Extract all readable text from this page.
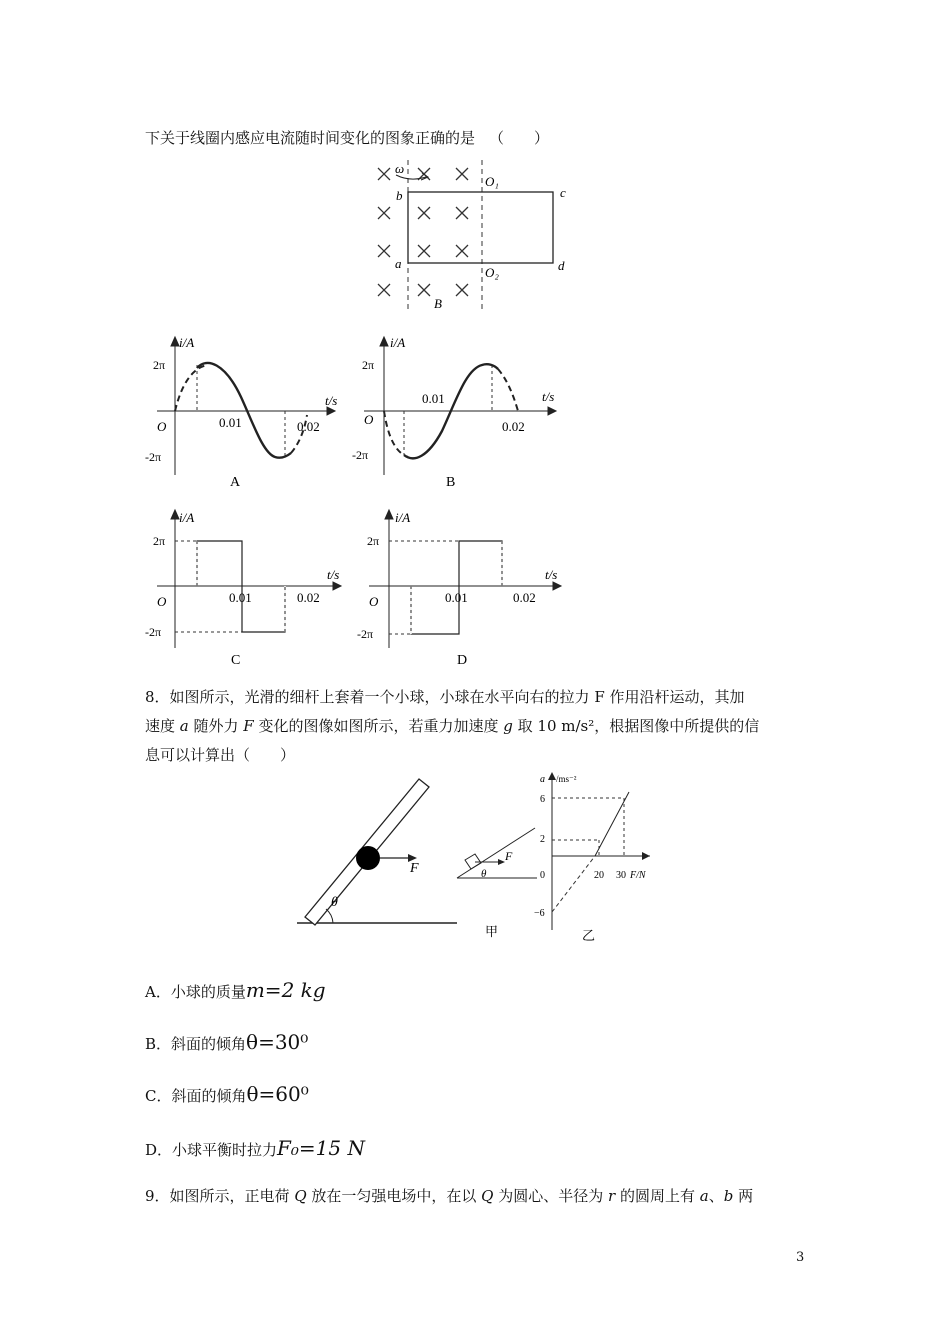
下关于线圈内感应电流随时间变化的图象正确的是 （　　）
ω
b	c
a	d
O₁
O₂
B
i/A
t/s
2π
-2π
O	0.01	0.02
A
i/A
t/s
2π
-2π
O
0.01
0.02
B
i/A
t/s
2π
-2π
O	0.01	0.02
C
i/A
t/s
2π
-2π
O	0.01	0.02
D
8．如图所示，光滑的细杆上套着一个小球，小球在水平向右的拉力 F 作用沿杆运动，其加
速度 a 随外力 F 变化的图像如图所示，若重力加速度 g 取 10 m/s²，根据图像中所提供的信
息可以计算出（　　）
F
θ
F
θ
甲
a /ms⁻²
6
2
−6
0	20 30 F/N
乙
A．小球的质量m=2 kg
B．斜面的倾角θ=30⁰
C．斜面的倾角θ=60⁰
D．小球平衡时拉力F₀=15 N
9．如图所示，正电荷 Q 放在一匀强电场中，在以 Q 为圆心、半径为 r 的圆周上有 a、b 两
3
